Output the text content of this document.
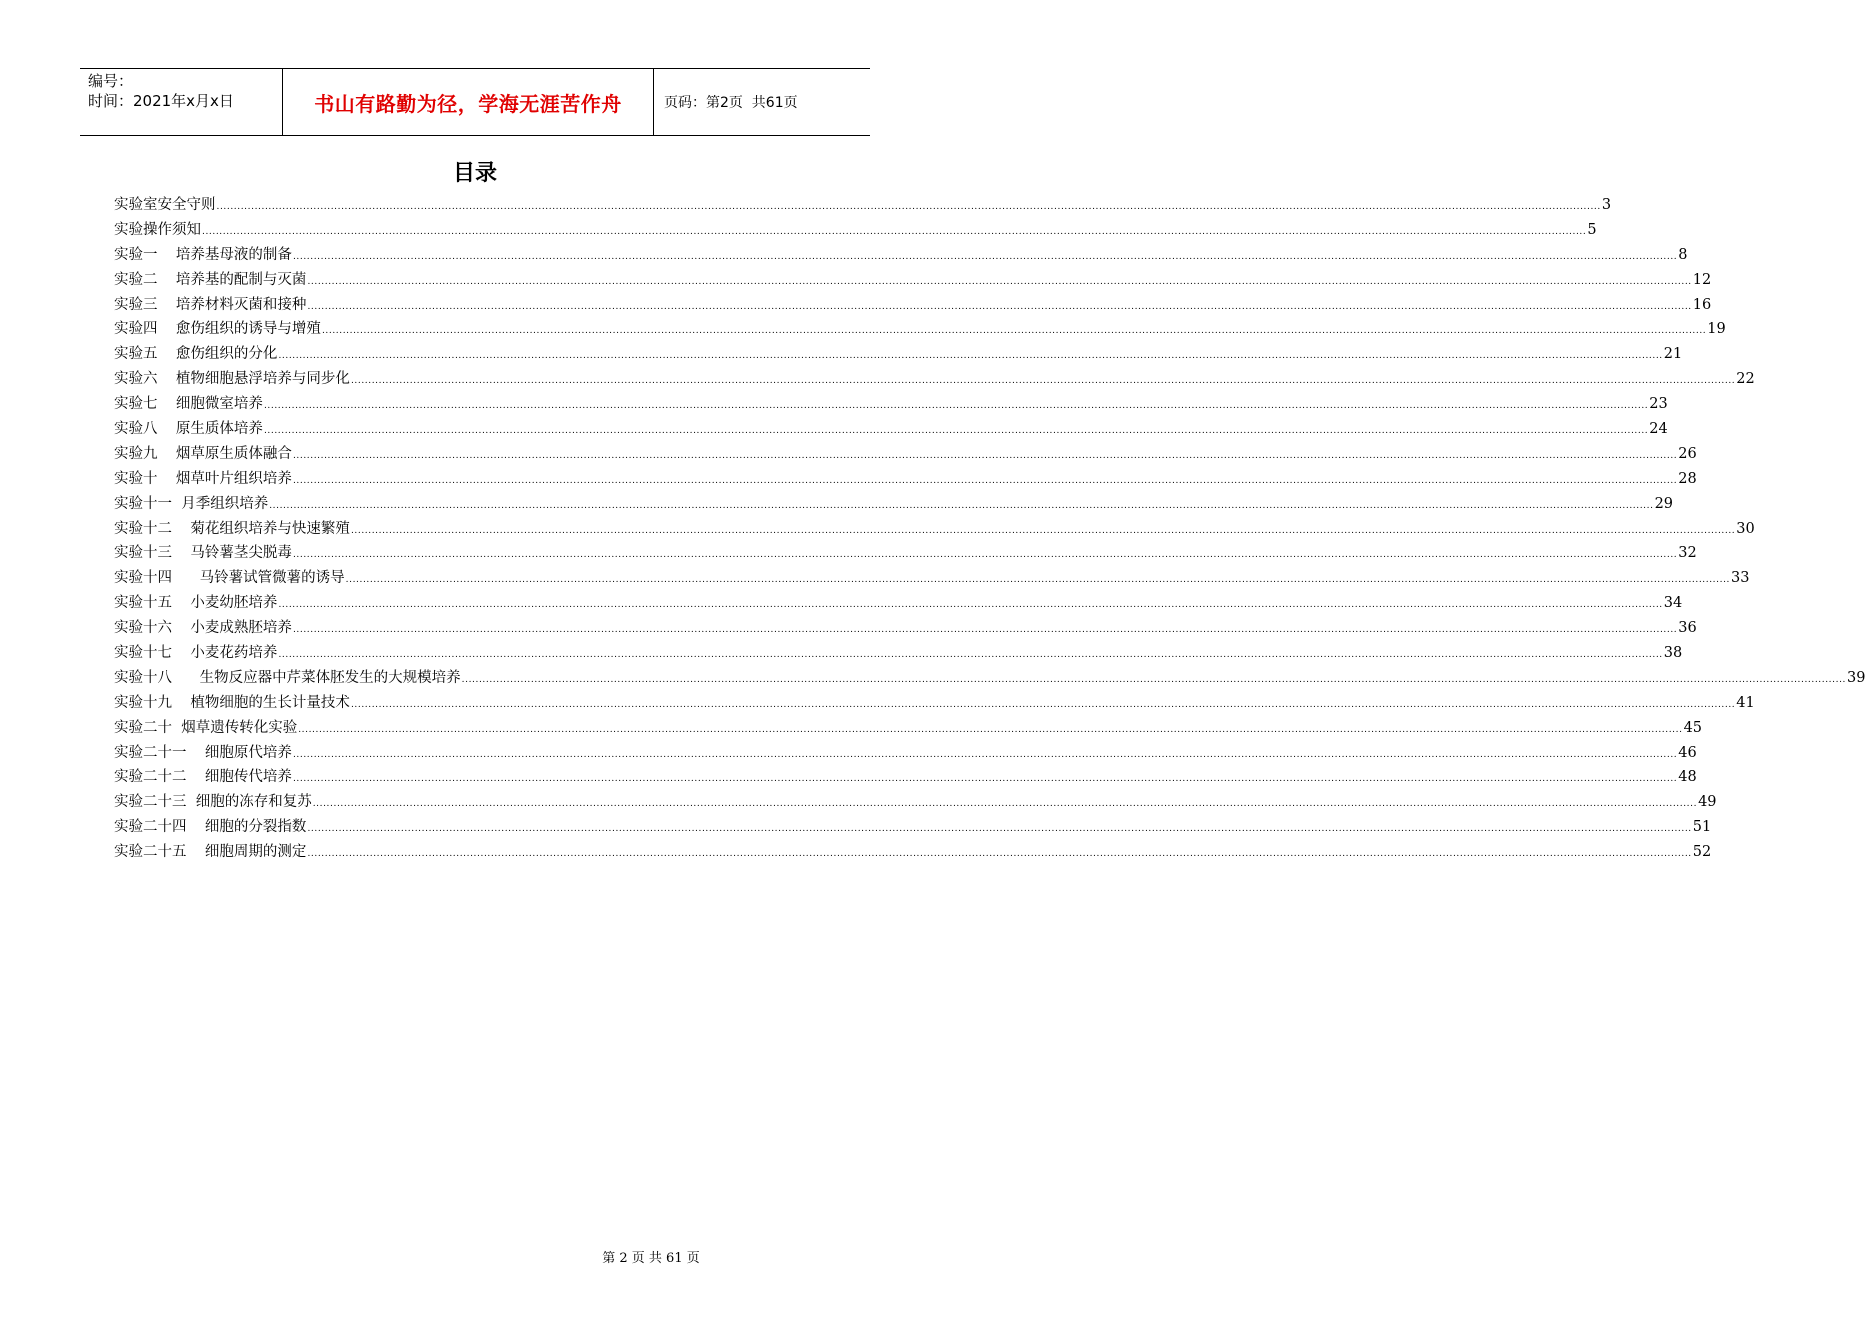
编号：
时间：2021年x月x日	书山有路勤为径，学海无涯苦作舟	页码：第2页  共61页
目录
实验室安全守则 ................................................................................................................................................................................................................................................................................................................................................................................................................ 3
实验操作须知 ................................................................................................................................................................................................................................................................................................................................................................................................................ 5
实验一    培养基母液的制备 ................................................................................................................................................................................................................................................................................................................................................................................................................ 8
实验二    培养基的配制与灭菌 ................................................................................................................................................................................................................................................................................................................................................................................................................ 12
实验三    培养材料灭菌和接种 ................................................................................................................................................................................................................................................................................................................................................................................................................ 16
实验四    愈伤组织的诱导与增殖 ................................................................................................................................................................................................................................................................................................................................................................................................................ 19
实验五    愈伤组织的分化 ................................................................................................................................................................................................................................................................................................................................................................................................................ 21
实验六    植物细胞悬浮培养与同步化 ................................................................................................................................................................................................................................................................................................................................................................................................................ 22
实验七    细胞微室培养 ................................................................................................................................................................................................................................................................................................................................................................................................................ 23
实验八    原生质体培养 ................................................................................................................................................................................................................................................................................................................................................................................................................ 24
实验九    烟草原生质体融合 ................................................................................................................................................................................................................................................................................................................................................................................................................ 26
实验十    烟草叶片组织培养 ................................................................................................................................................................................................................................................................................................................................................................................................................ 28
实验十一  月季组织培养 ................................................................................................................................................................................................................................................................................................................................................................................................................ 29
实验十二    菊花组织培养与快速繁殖 ................................................................................................................................................................................................................................................................................................................................................................................................................ 30
实验十三    马铃薯茎尖脱毒 ................................................................................................................................................................................................................................................................................................................................................................................................................ 32
实验十四      马铃薯试管微薯的诱导 ................................................................................................................................................................................................................................................................................................................................................................................................................ 33
实验十五    小麦幼胚培养 ................................................................................................................................................................................................................................................................................................................................................................................................................ 34
实验十六    小麦成熟胚培养 ................................................................................................................................................................................................................................................................................................................................................................................................................ 36
实验十七    小麦花药培养 ................................................................................................................................................................................................................................................................................................................................................................................................................ 38
实验十八      生物反应器中芹菜体胚发生的大规模培养 ................................................................................................................................................................................................................................................................................................................................................................................................................ 39
实验十九    植物细胞的生长计量技术 ................................................................................................................................................................................................................................................................................................................................................................................................................ 41
实验二十  烟草遗传转化实验 ................................................................................................................................................................................................................................................................................................................................................................................................................ 45
实验二十一    细胞原代培养 ................................................................................................................................................................................................................................................................................................................................................................................................................ 46
实验二十二    细胞传代培养 ................................................................................................................................................................................................................................................................................................................................................................................................................ 48
实验二十三  细胞的冻存和复苏 ................................................................................................................................................................................................................................................................................................................................................................................................................ 49
实验二十四    细胞的分裂指数 ................................................................................................................................................................................................................................................................................................................................................................................................................ 51
实验二十五    细胞周期的测定 ................................................................................................................................................................................................................................................................................................................................................................................................................ 52
第 2 页 共 61 页
